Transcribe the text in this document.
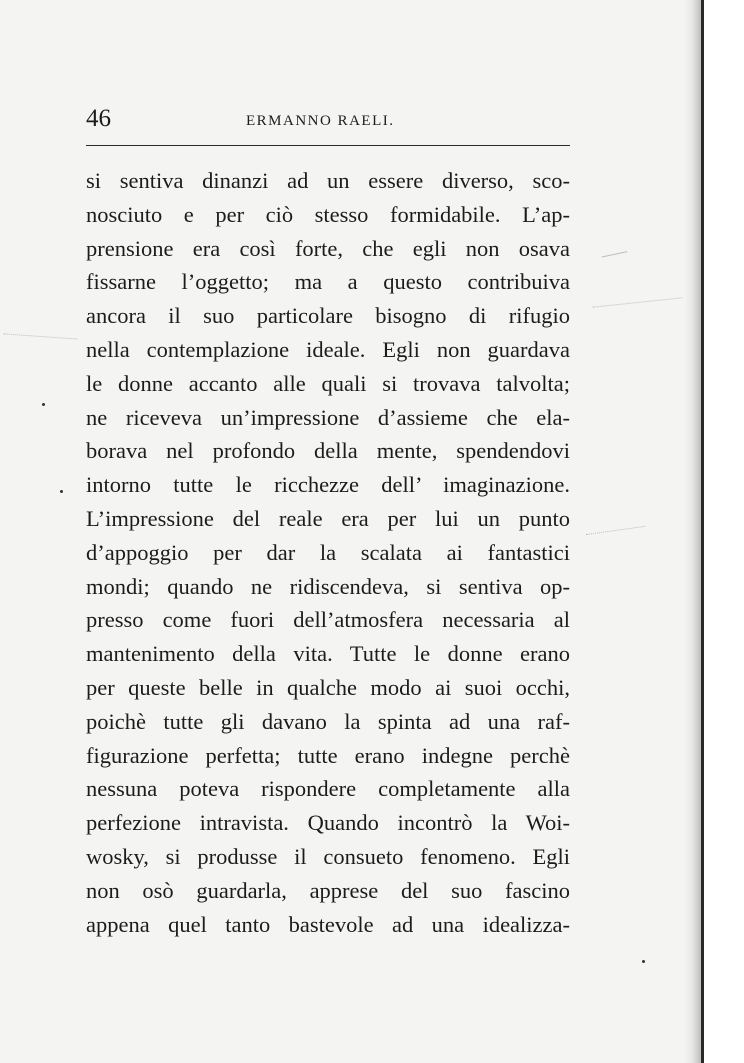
46	ERMANNO RAELI.
si sentiva dinanzi ad un essere diverso, sco-
nosciuto e per ciò stesso formidabile. L’ap-
prensione era così forte, che egli non osava
fissarne l’oggetto; ma a questo contribuiva
ancora il suo particolare bisogno di rifugio
nella contemplazione ideale. Egli non guardava
le donne accanto alle quali si trovava talvolta;
ne riceveva un’impressione d’assieme che ela-
borava nel profondo della mente, spendendovi
intorno tutte le ricchezze dell’ imaginazione.
L’impressione del reale era per lui un punto
d’appoggio per dar la scalata ai fantastici
mondi; quando ne ridiscendeva, si sentiva op-
presso come fuori dell’atmosfera necessaria al
mantenimento della vita. Tutte le donne erano
per queste belle in qualche modo ai suoi occhi,
poichè tutte gli davano la spinta ad una raf-
figurazione perfetta; tutte erano indegne perchè
nessuna poteva rispondere completamente alla
perfezione intravista. Quando incontrò la Woi-
wosky, si produsse il consueto fenomeno. Egli
non osò guardarla, apprese del suo fascino
appena quel tanto bastevole ad una idealizza-
